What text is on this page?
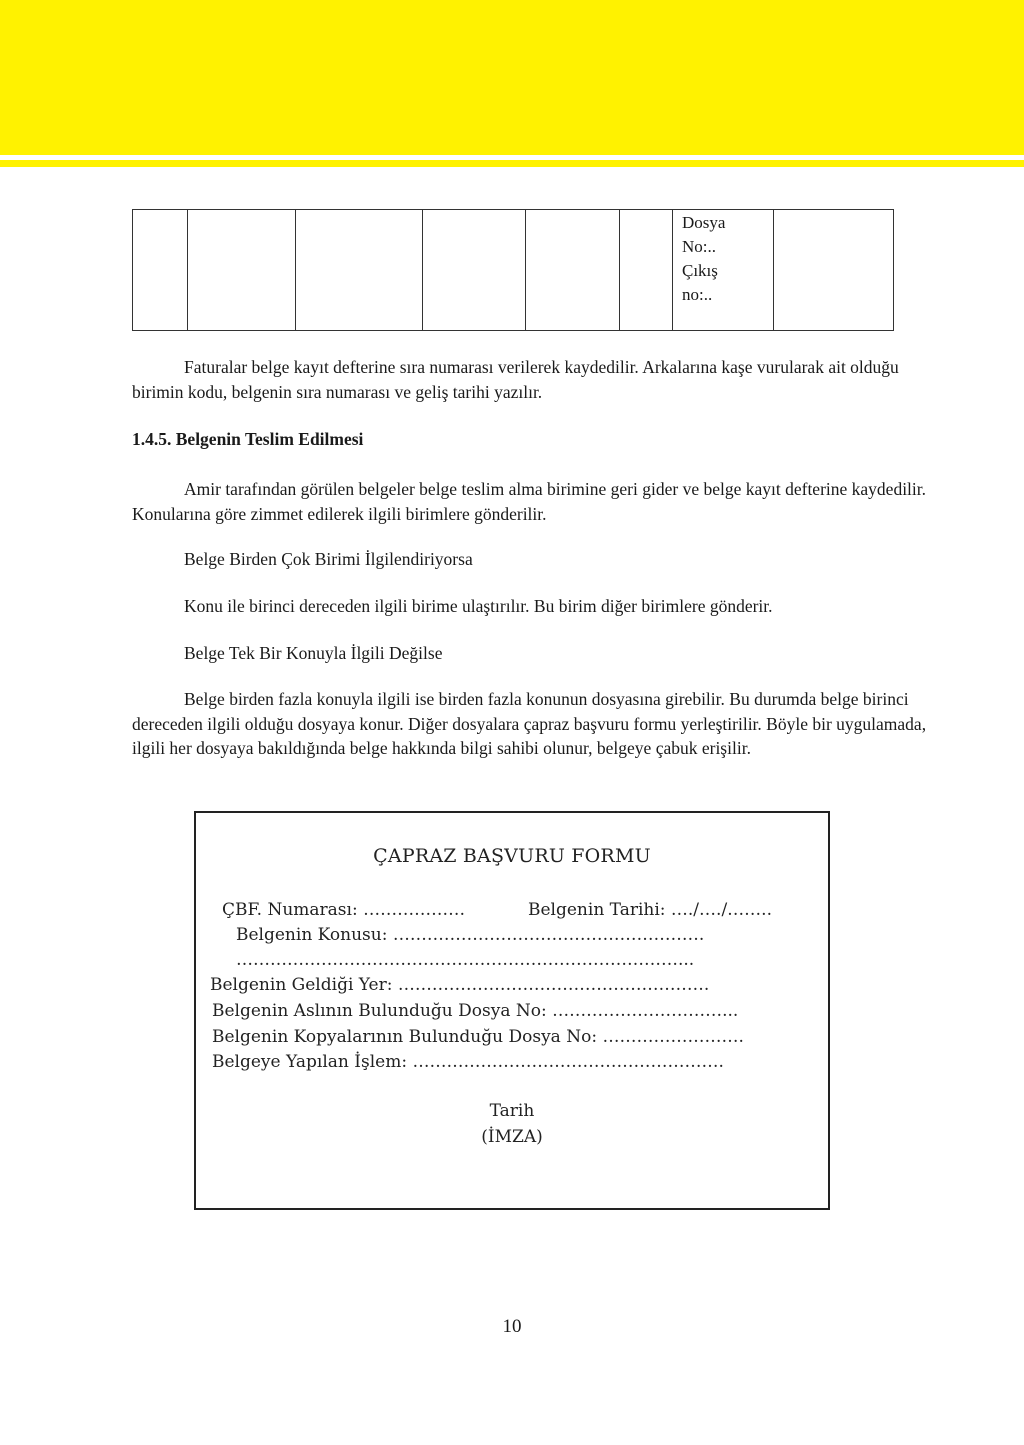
Dosya
No:..
Çıkış
no:..

Faturalar belge kayıt defterine sıra numarası verilerek kaydedilir. Arkalarına kaşe vurularak ait olduğu birimin kodu, belgenin sıra numarası ve geliş tarihi yazılır.

1.4.5. Belgenin Teslim Edilmesi

Amir tarafından görülen belgeler belge teslim alma birimine geri gider ve belge kayıt defterine kaydedilir. Konularına göre zimmet edilerek ilgili birimlere gönderilir.

Belge Birden Çok Birimi İlgilendiriyorsa

Konu ile birinci dereceden ilgili birime ulaştırılır. Bu birim diğer birimlere gönderir.

Belge Tek Bir Konuyla İlgili Değilse

Belge birden fazla konuyla ilgili ise birden fazla konunun dosyasına girebilir. Bu durumda belge birinci dereceden ilgili olduğu dosyaya konur. Diğer dosyalara çapraz başvuru formu yerleştirilir. Böyle bir uygulamada, ilgili her dosyaya bakıldığında belge hakkında bilgi sahibi olunur, belgeye çabuk erişilir.

ÇAPRAZ BAŞVURU FORMU
ÇBF. Numarası: ………………	Belgenin Tarihi: …./…./……..
Belgenin Konusu: ……………………………………………….
……………………………………………………………………...
Belgenin Geldiği Yer: ……………………………………………….
Belgenin Aslının Bulunduğu Dosya No: …………………………...
Belgenin Kopyalarının Bulunduğu Dosya No: …………………….
Belgeye Yapılan İşlem: ……………………………………………….
Tarih
(İMZA)
10
